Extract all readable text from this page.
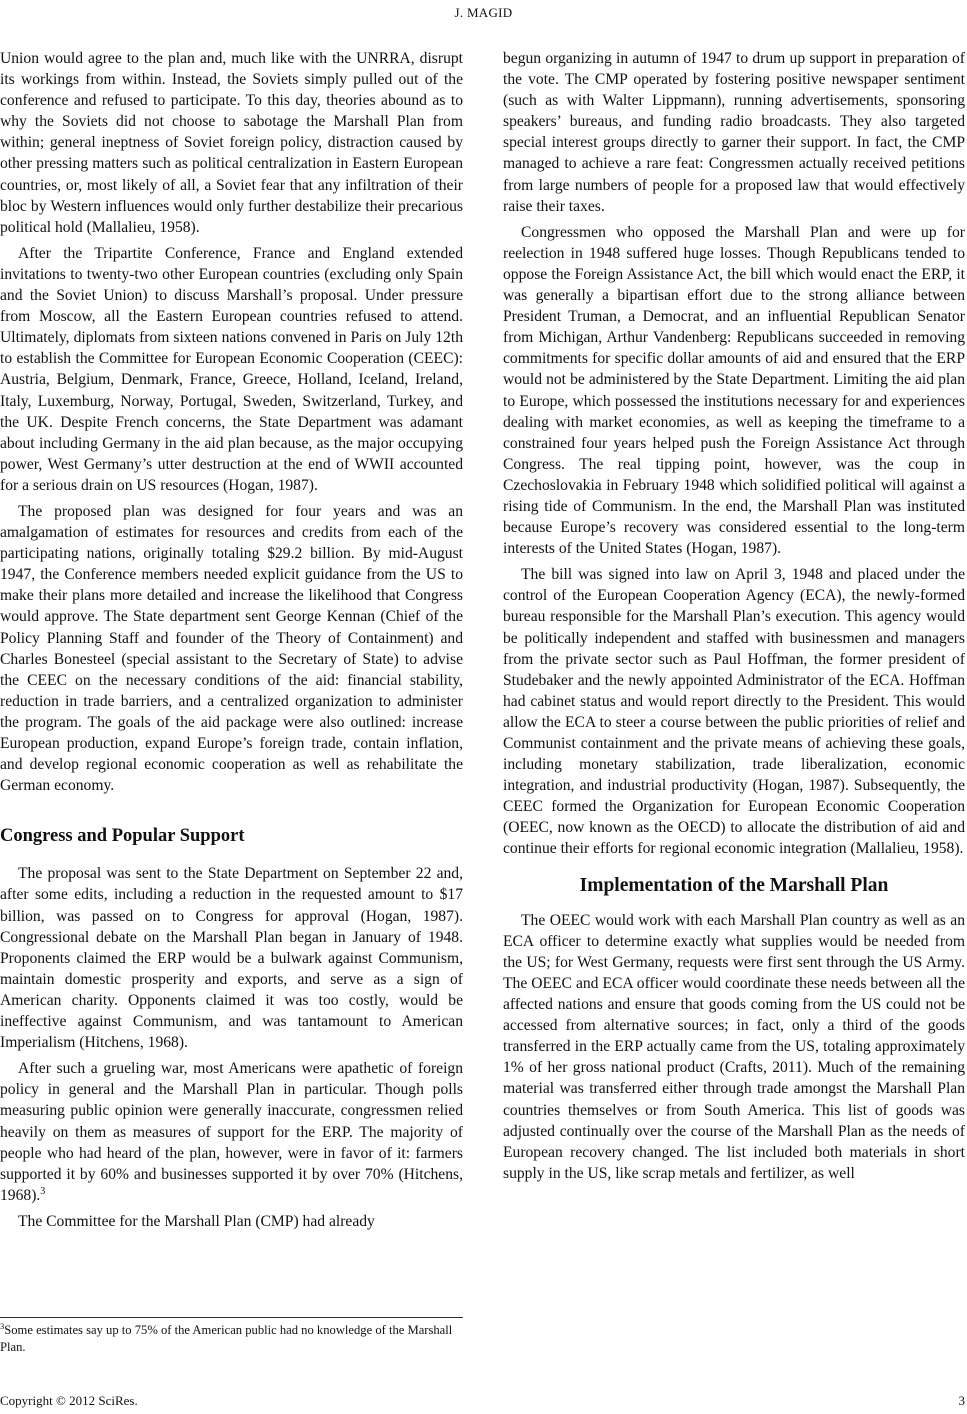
J. MAGID

Union would agree to the plan and, much like with the UNRRA, disrupt its workings from within. Instead, the Soviets simply pulled out of the conference and refused to participate. To this day, theories abound as to why the Soviets did not choose to sabotage the Marshall Plan from within; general ineptness of Soviet foreign policy, distraction caused by other pressing matters such as political centralization in Eastern European countries, or, most likely of all, a Soviet fear that any infiltration of their bloc by Western influences would only further destabilize their precarious political hold (Mallalieu, 1958).

After the Tripartite Conference, France and England extended invitations to twenty-two other European countries (excluding only Spain and the Soviet Union) to discuss Marshall’s proposal. Under pressure from Moscow, all the Eastern European countries refused to attend. Ultimately, diplomats from sixteen nations convened in Paris on July 12th to establish the Committee for European Economic Cooperation (CEEC): Austria, Belgium, Denmark, France, Greece, Holland, Iceland, Ireland, Italy, Luxemburg, Norway, Portugal, Sweden, Switzerland, Turkey, and the UK. Despite French concerns, the State Department was adamant about including Germany in the aid plan because, as the major occupying power, West Germany’s utter destruction at the end of WWII accounted for a serious drain on US resources (Hogan, 1987).

The proposed plan was designed for four years and was an amalgamation of estimates for resources and credits from each of the participating nations, originally totaling $29.2 billion. By mid-August 1947, the Conference members needed explicit guidance from the US to make their plans more detailed and increase the likelihood that Congress would approve. The State department sent George Kennan (Chief of the Policy Planning Staff and founder of the Theory of Containment) and Charles Bonesteel (special assistant to the Secretary of State) to advise the CEEC on the necessary conditions of the aid: financial stability, reduction in trade barriers, and a centralized organization to administer the program. The goals of the aid package were also outlined: increase European production, expand Europe’s foreign trade, contain inflation, and develop regional economic cooperation as well as rehabilitate the German economy.

Congress and Popular Support

The proposal was sent to the State Department on September 22 and, after some edits, including a reduction in the requested amount to $17 billion, was passed on to Congress for approval (Hogan, 1987). Congressional debate on the Marshall Plan began in January of 1948. Proponents claimed the ERP would be a bulwark against Communism, maintain domestic prosperity and exports, and serve as a sign of American charity. Opponents claimed it was too costly, would be ineffective against Communism, and was tantamount to American Imperialism (Hitchens, 1968).

After such a grueling war, most Americans were apathetic of foreign policy in general and the Marshall Plan in particular. Though polls measuring public opinion were generally inaccurate, congressmen relied heavily on them as measures of support for the ERP. The majority of people who had heard of the plan, however, were in favor of it: farmers supported it by 60% and businesses supported it by over 70% (Hitchens, 1968).$^3$

The Committee for the Marshall Plan (CMP) had already

$^3$Some estimates say up to 75% of the American public had no knowledge of the Marshall Plan.

begun organizing in autumn of 1947 to drum up support in preparation of the vote. The CMP operated by fostering positive newspaper sentiment (such as with Walter Lippmann), running advertisements, sponsoring speakers’ bureaus, and funding radio broadcasts. They also targeted special interest groups directly to garner their support. In fact, the CMP managed to achieve a rare feat: Congressmen actually received petitions from large numbers of people for a proposed law that would effectively raise their taxes.

Congressmen who opposed the Marshall Plan and were up for reelection in 1948 suffered huge losses. Though Republicans tended to oppose the Foreign Assistance Act, the bill which would enact the ERP, it was generally a bipartisan effort due to the strong alliance between President Truman, a Democrat, and an influential Republican Senator from Michigan, Arthur Vandenberg: Republicans succeeded in removing commitments for specific dollar amounts of aid and ensured that the ERP would not be administered by the State Department. Limiting the aid plan to Europe, which possessed the institutions necessary for and experiences dealing with market economies, as well as keeping the timeframe to a constrained four years helped push the Foreign Assistance Act through Congress. The real tipping point, however, was the coup in Czechoslovakia in February 1948 which solidified political will against a rising tide of Communism. In the end, the Marshall Plan was instituted because Europe’s recovery was considered essential to the long-term interests of the United States (Hogan, 1987).

The bill was signed into law on April 3, 1948 and placed under the control of the European Cooperation Agency (ECA), the newly-formed bureau responsible for the Marshall Plan’s execution. This agency would be politically independent and staffed with businessmen and managers from the private sector such as Paul Hoffman, the former president of Studebaker and the newly appointed Administrator of the ECA. Hoffman had cabinet status and would report directly to the President. This would allow the ECA to steer a course between the public priorities of relief and Communist containment and the private means of achieving these goals, including monetary stabilization, trade liberalization, economic integration, and industrial productivity (Hogan, 1987). Subsequently, the CEEC formed the Organization for European Economic Cooperation (OEEC, now known as the OECD) to allocate the distribution of aid and continue their efforts for regional economic integration (Mallalieu, 1958).

Implementation of the Marshall Plan

The OEEC would work with each Marshall Plan country as well as an ECA officer to determine exactly what supplies would be needed from the US; for West Germany, requests were first sent through the US Army. The OEEC and ECA officer would coordinate these needs between all the affected nations and ensure that goods coming from the US could not be accessed from alternative sources; in fact, only a third of the goods transferred in the ERP actually came from the US, totaling approximately 1% of her gross national product (Crafts, 2011). Much of the remaining material was transferred either through trade amongst the Marshall Plan countries themselves or from South America. This list of goods was adjusted continually over the course of the Marshall Plan as the needs of European recovery changed. The list included both materials in short supply in the US, like scrap metals and fertilizer, as well

Copyright © 2012 SciRes.	3
